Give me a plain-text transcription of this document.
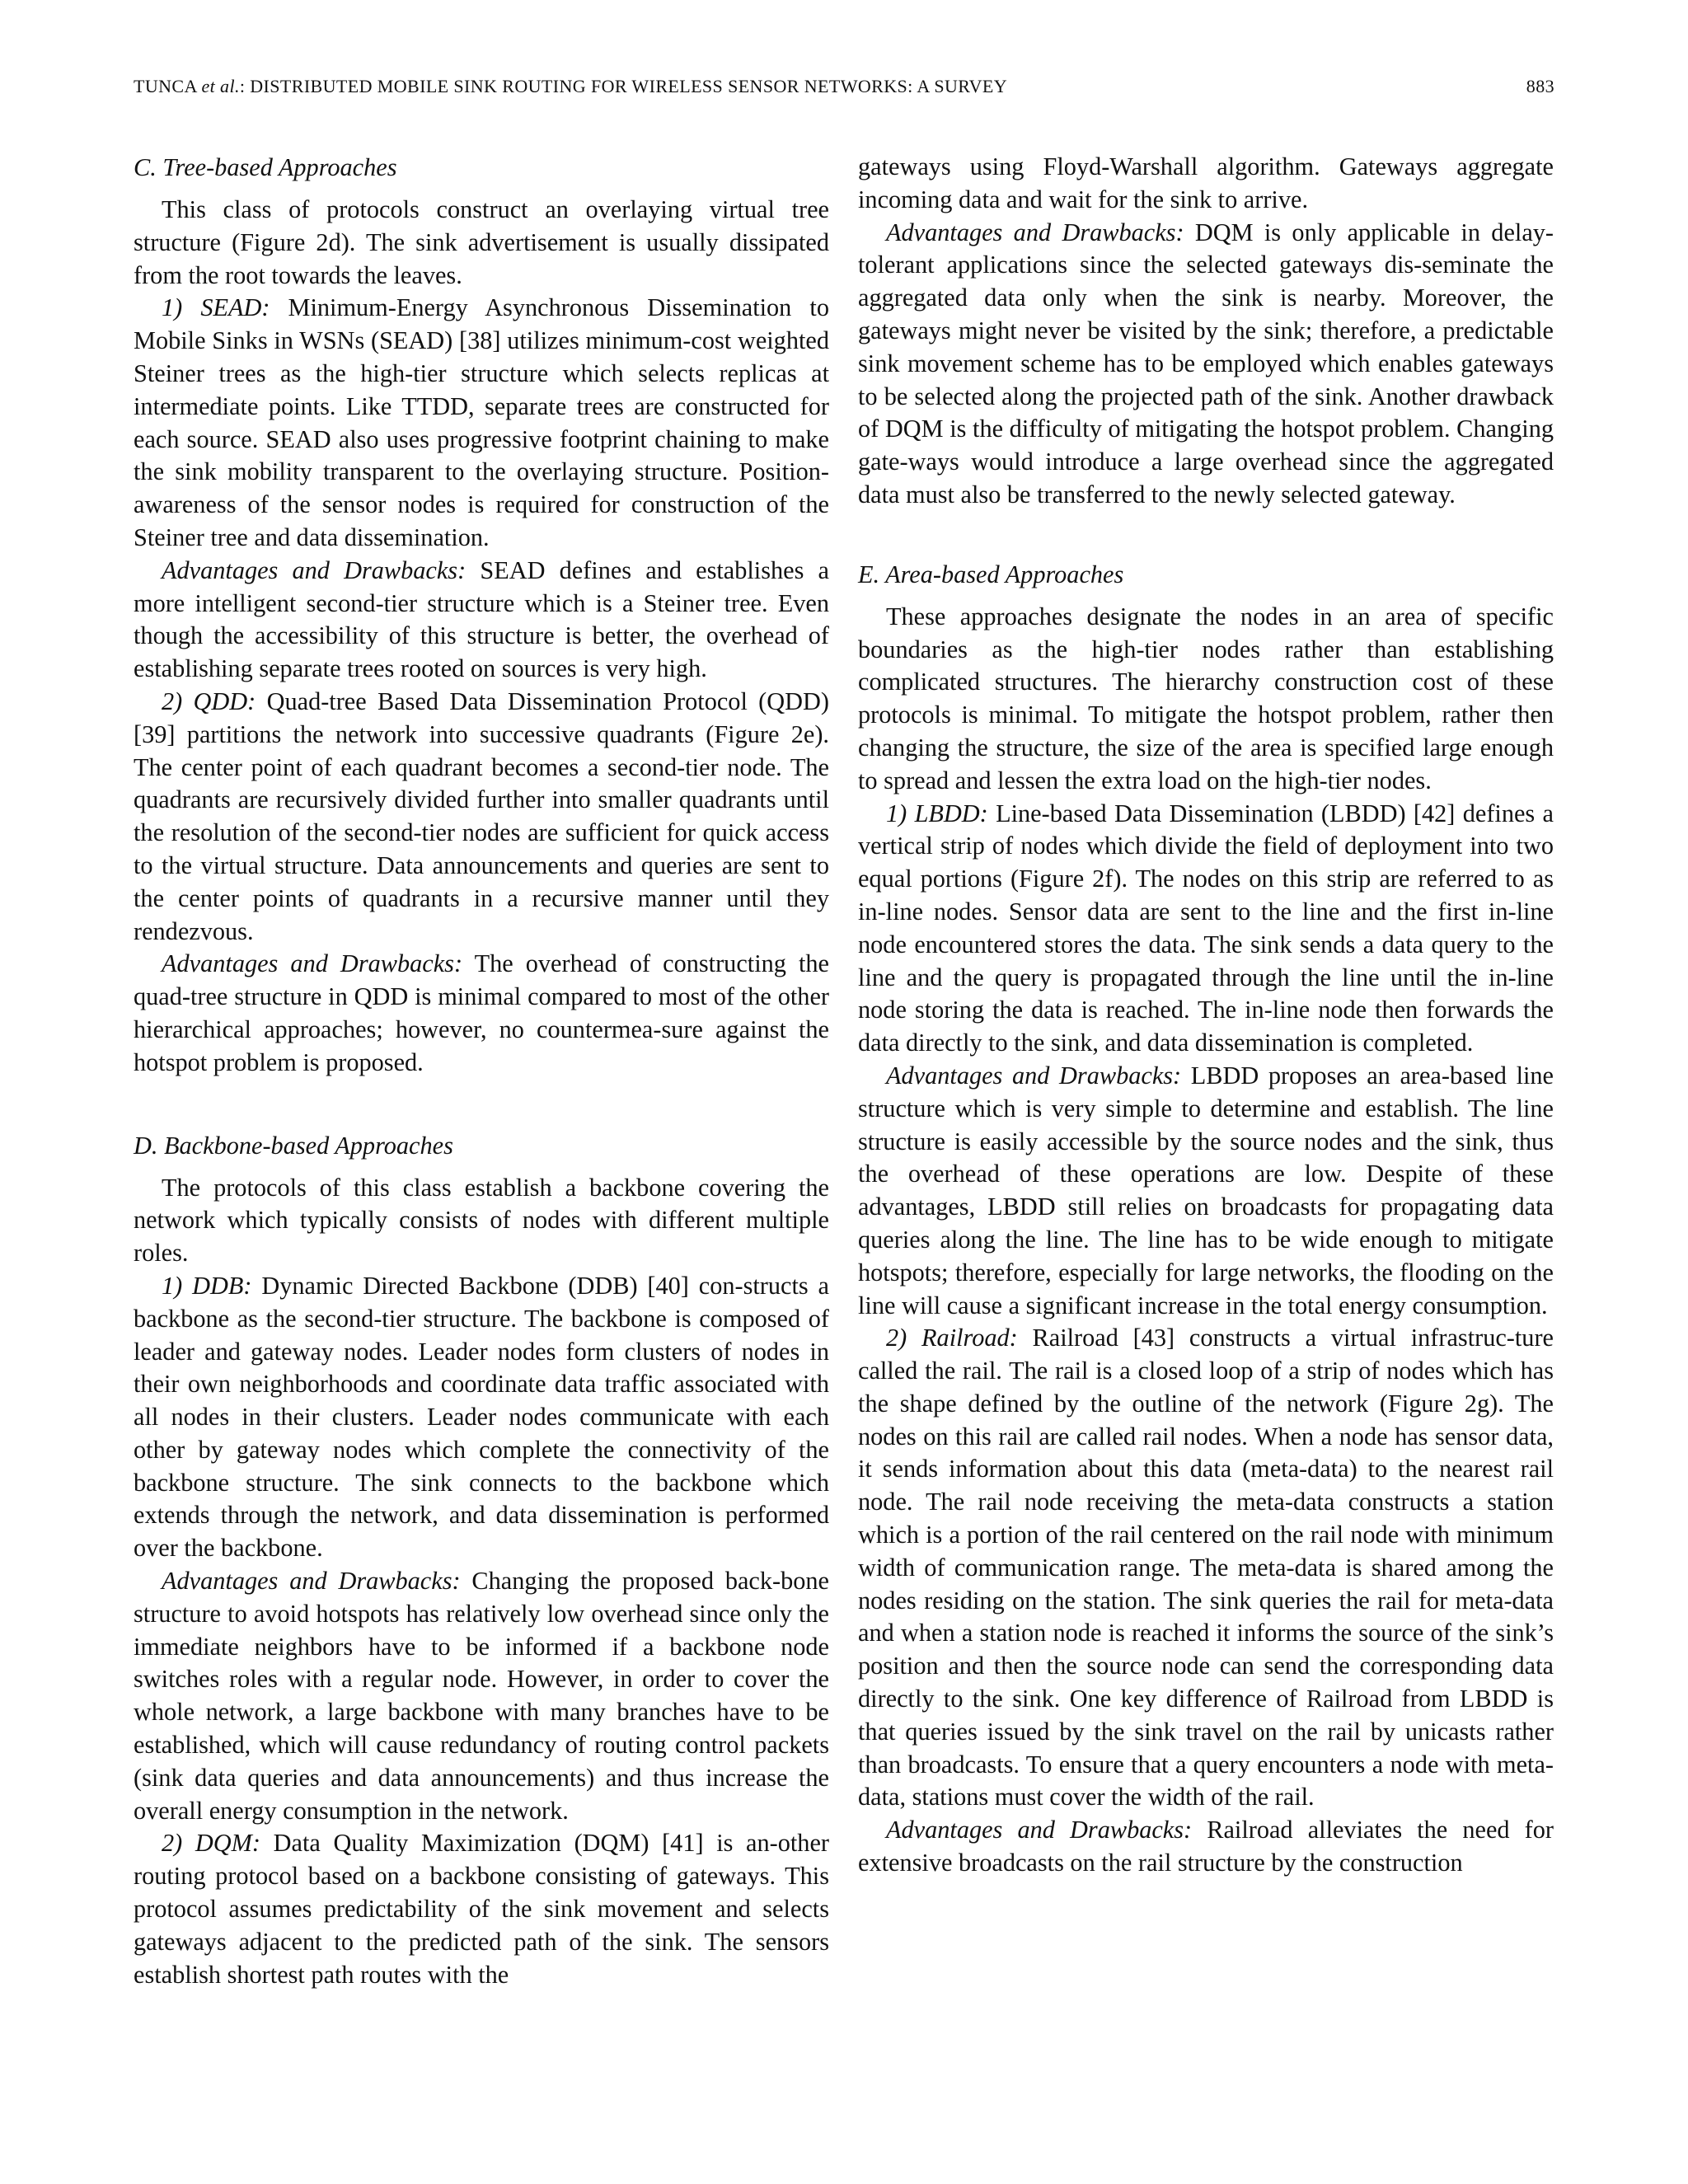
TUNCA et al.: DISTRIBUTED MOBILE SINK ROUTING FOR WIRELESS SENSOR NETWORKS: A SURVEY	883
C. Tree-based Approaches

This class of protocols construct an overlaying virtual tree structure (Figure 2d). The sink advertisement is usually dissipated from the root towards the leaves.

1) SEAD: Minimum-Energy Asynchronous Dissemination to Mobile Sinks in WSNs (SEAD) [38] utilizes minimum-cost weighted Steiner trees as the high-tier structure which selects replicas at intermediate points. Like TTDD, separate trees are constructed for each source. SEAD also uses progressive footprint chaining to make the sink mobility transparent to the overlaying structure. Position-awareness of the sensor nodes is required for construction of the Steiner tree and data dissemination.

Advantages and Drawbacks: SEAD defines and establishes a more intelligent second-tier structure which is a Steiner tree. Even though the accessibility of this structure is better, the overhead of establishing separate trees rooted on sources is very high.

2) QDD: Quad-tree Based Data Dissemination Protocol (QDD) [39] partitions the network into successive quadrants (Figure 2e). The center point of each quadrant becomes a second-tier node. The quadrants are recursively divided further into smaller quadrants until the resolution of the second-tier nodes are sufficient for quick access to the virtual structure. Data announcements and queries are sent to the center points of quadrants in a recursive manner until they rendezvous.

Advantages and Drawbacks: The overhead of constructing the quad-tree structure in QDD is minimal compared to most of the other hierarchical approaches; however, no countermea-sure against the hotspot problem is proposed.

D. Backbone-based Approaches

The protocols of this class establish a backbone covering the network which typically consists of nodes with different multiple roles.

1) DDB: Dynamic Directed Backbone (DDB) [40] con-structs a backbone as the second-tier structure. The backbone is composed of leader and gateway nodes. Leader nodes form clusters of nodes in their own neighborhoods and coordinate data traffic associated with all nodes in their clusters. Leader nodes communicate with each other by gateway nodes which complete the connectivity of the backbone structure. The sink connects to the backbone which extends through the network, and data dissemination is performed over the backbone.

Advantages and Drawbacks: Changing the proposed back-bone structure to avoid hotspots has relatively low overhead since only the immediate neighbors have to be informed if a backbone node switches roles with a regular node. However, in order to cover the whole network, a large backbone with many branches have to be established, which will cause redundancy of routing control packets (sink data queries and data announcements) and thus increase the overall energy consumption in the network.

2) DQM: Data Quality Maximization (DQM) [41] is an-other routing protocol based on a backbone consisting of gateways. This protocol assumes predictability of the sink movement and selects gateways adjacent to the predicted path of the sink. The sensors establish shortest path routes with the

gateways using Floyd-Warshall algorithm. Gateways aggregate incoming data and wait for the sink to arrive.

Advantages and Drawbacks: DQM is only applicable in delay-tolerant applications since the selected gateways dis-seminate the aggregated data only when the sink is nearby. Moreover, the gateways might never be visited by the sink; therefore, a predictable sink movement scheme has to be employed which enables gateways to be selected along the projected path of the sink. Another drawback of DQM is the difficulty of mitigating the hotspot problem. Changing gate-ways would introduce a large overhead since the aggregated data must also be transferred to the newly selected gateway.

E. Area-based Approaches

These approaches designate the nodes in an area of specific boundaries as the high-tier nodes rather than establishing complicated structures. The hierarchy construction cost of these protocols is minimal. To mitigate the hotspot problem, rather then changing the structure, the size of the area is specified large enough to spread and lessen the extra load on the high-tier nodes.

1) LBDD: Line-based Data Dissemination (LBDD) [42] defines a vertical strip of nodes which divide the field of deployment into two equal portions (Figure 2f). The nodes on this strip are referred to as in-line nodes. Sensor data are sent to the line and the first in-line node encountered stores the data. The sink sends a data query to the line and the query is propagated through the line until the in-line node storing the data is reached. The in-line node then forwards the data directly to the sink, and data dissemination is completed.

Advantages and Drawbacks: LBDD proposes an area-based line structure which is very simple to determine and establish. The line structure is easily accessible by the source nodes and the sink, thus the overhead of these operations are low. Despite of these advantages, LBDD still relies on broadcasts for propagating data queries along the line. The line has to be wide enough to mitigate hotspots; therefore, especially for large networks, the flooding on the line will cause a significant increase in the total energy consumption.

2) Railroad: Railroad [43] constructs a virtual infrastruc-ture called the rail. The rail is a closed loop of a strip of nodes which has the shape defined by the outline of the network (Figure 2g). The nodes on this rail are called rail nodes. When a node has sensor data, it sends information about this data (meta-data) to the nearest rail node. The rail node receiving the meta-data constructs a station which is a portion of the rail centered on the rail node with minimum width of communication range. The meta-data is shared among the nodes residing on the station. The sink queries the rail for meta-data and when a station node is reached it informs the source of the sink’s position and then the source node can send the corresponding data directly to the sink. One key difference of Railroad from LBDD is that queries issued by the sink travel on the rail by unicasts rather than broadcasts. To ensure that a query encounters a node with meta-data, stations must cover the width of the rail.

Advantages and Drawbacks: Railroad alleviates the need for extensive broadcasts on the rail structure by the construction
